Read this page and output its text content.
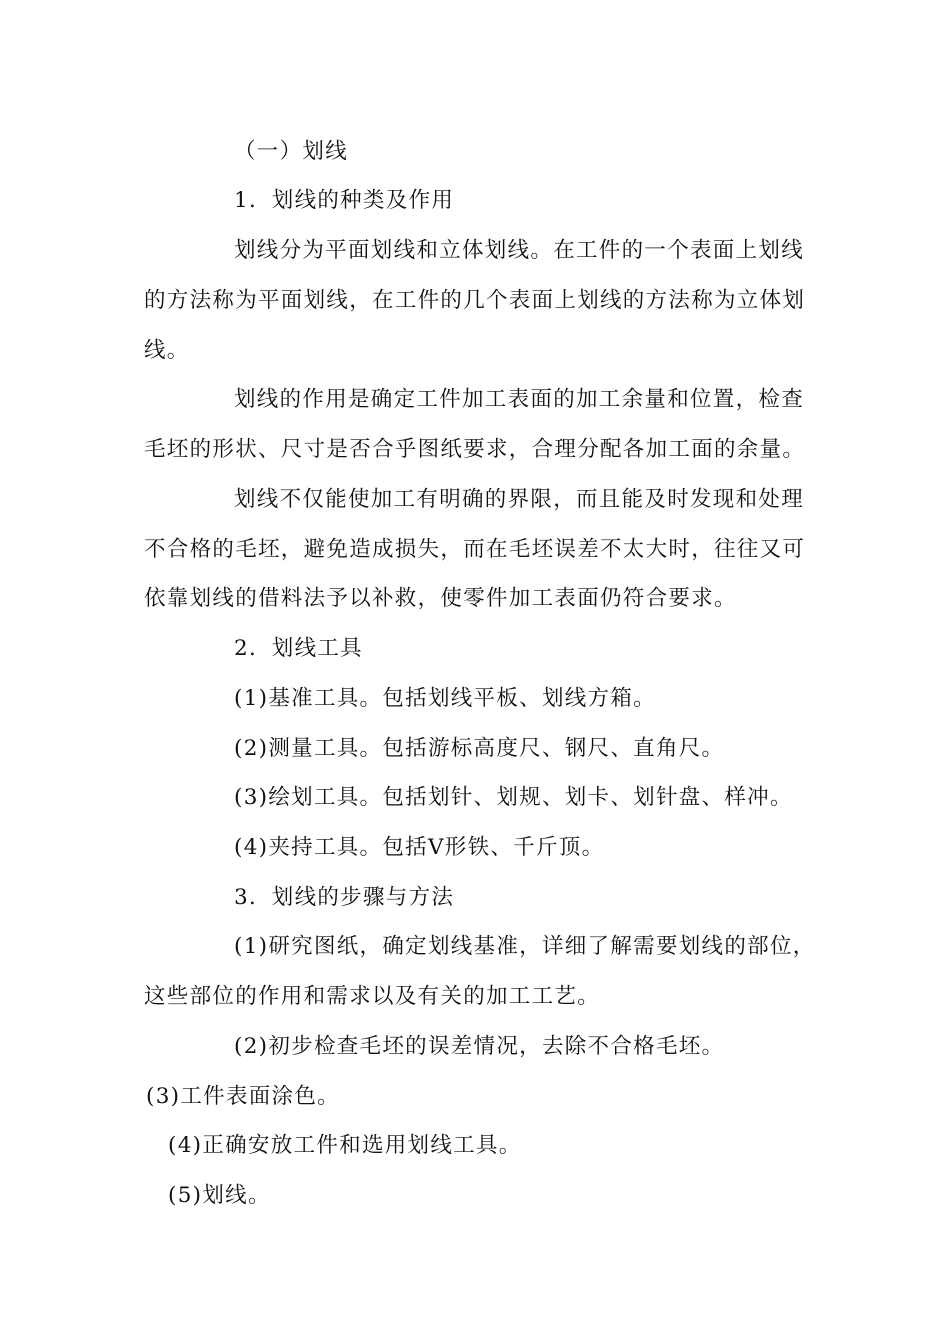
（一）划线
1．划线的种类及作用
划线分为平面划线和立体划线。在工件的一个表面上划线
的方法称为平面划线，在工件的几个表面上划线的方法称为立体划
线。
划线的作用是确定工件加工表面的加工余量和位置，检查
毛坯的形状、尺寸是否合乎图纸要求，合理分配各加工面的余量。
划线不仅能使加工有明确的界限，而且能及时发现和处理
不合格的毛坯，避免造成损失，而在毛坯误差不太大时，往往又可
依靠划线的借料法予以补救，使零件加工表面仍符合要求。
2．划线工具
(1)基准工具。包括划线平板、划线方箱。
(2)测量工具。包括游标高度尺、钢尺、直角尺。
(3)绘划工具。包括划针、划规、划卡、划针盘、样冲。
(4)夹持工具。包括Ⅴ形铁、千斤顶。
3．划线的步骤与方法
(1)研究图纸，确定划线基准，详细了解需要划线的部位，
这些部位的作用和需求以及有关的加工工艺。
(2)初步检查毛坯的误差情况，去除不合格毛坯。
(3)工件表面涂色。
(4)正确安放工件和选用划线工具。
(5)划线。
